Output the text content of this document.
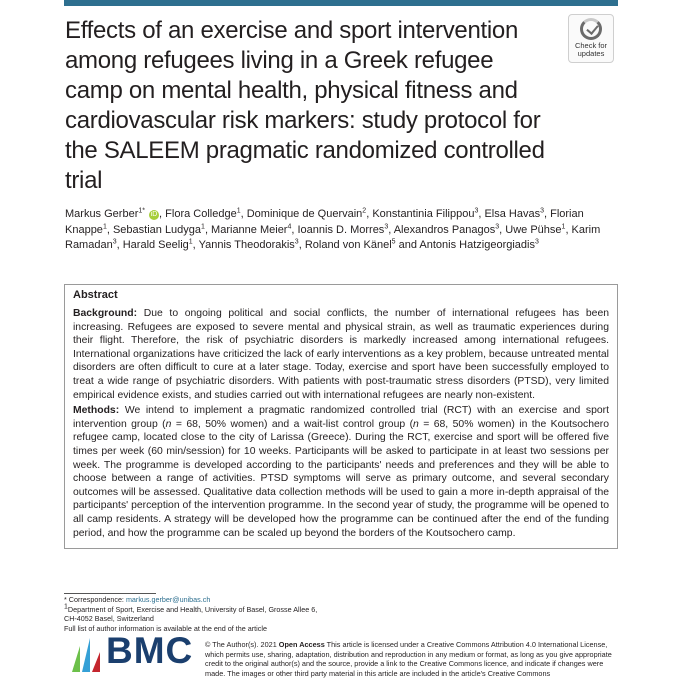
Effects of an exercise and sport intervention among refugees living in a Greek refugee camp on mental health, physical fitness and cardiovascular risk markers: study protocol for the SALEEM pragmatic randomized controlled trial
Check for
updates
Markus Gerber$^{1*}$ iD , Flora Colledge$^1$, Dominique de Quervain$^2$, Konstantinia Filippou$^3$, Elsa Havas$^3$, Florian Knappe$^1$, Sebastian Ludyga$^1$, Marianne Meier$^4$, Ioannis D. Morres$^3$, Alexandros Panagos$^3$, Uwe Pühse$^1$, Karim Ramadan$^3$, Harald Seelig$^1$, Yannis Theodorakis$^3$, Roland von Känel$^5$ and Antonis Hatzigeorgiadis$^3$
Abstract

Background: Due to ongoing political and social conflicts, the number of international refugees has been increasing. Refugees are exposed to severe mental and physical strain, as well as traumatic experiences during their flight. Therefore, the risk of psychiatric disorders is markedly increased among international refugees. International organizations have criticized the lack of early interventions as a key problem, because untreated mental disorders are often difficult to cure at a later stage. Today, exercise and sport have been successfully employed to treat a wide range of psychiatric disorders. With patients with post-traumatic stress disorders (PTSD), very limited empirical evidence exists, and studies carried out with international refugees are nearly non-existent.

Methods: We intend to implement a pragmatic randomized controlled trial (RCT) with an exercise and sport intervention group (n = 68, 50% women) and a wait-list control group (n = 68, 50% women) in the Koutsochero refugee camp, located close to the city of Larissa (Greece). During the RCT, exercise and sport will be offered five times per week (60 min/session) for 10 weeks. Participants will be asked to participate in at least two sessions per week. The programme is developed according to the participants' needs and preferences and they will be able to choose between a range of activities. PTSD symptoms will serve as primary outcome, and several secondary outcomes will be assessed. Qualitative data collection methods will be used to gain a more in-depth appraisal of the participants' perception of the intervention programme. In the second year of study, the programme will be opened to all camp residents. A strategy will be developed how the programme can be continued after the end of the funding period, and how the programme can be scaled up beyond the borders of the Koutsochero camp.

* Correspondence: markus.gerber@unibas.ch
$^1$Department of Sport, Exercise and Health, University of Basel, Grosse Allee 6,
CH-4052 Basel, Switzerland
Full list of author information is available at the end of the article
BMC © The Author(s). 2021 Open Access This article is licensed under a Creative Commons Attribution 4.0 International License, which permits use, sharing, adaptation, distribution and reproduction in any medium or format, as long as you give appropriate credit to the original author(s) and the source, provide a link to the Creative Commons licence, and indicate if changes were made. The images or other third party material in this article are included in the article's Creative Commons
